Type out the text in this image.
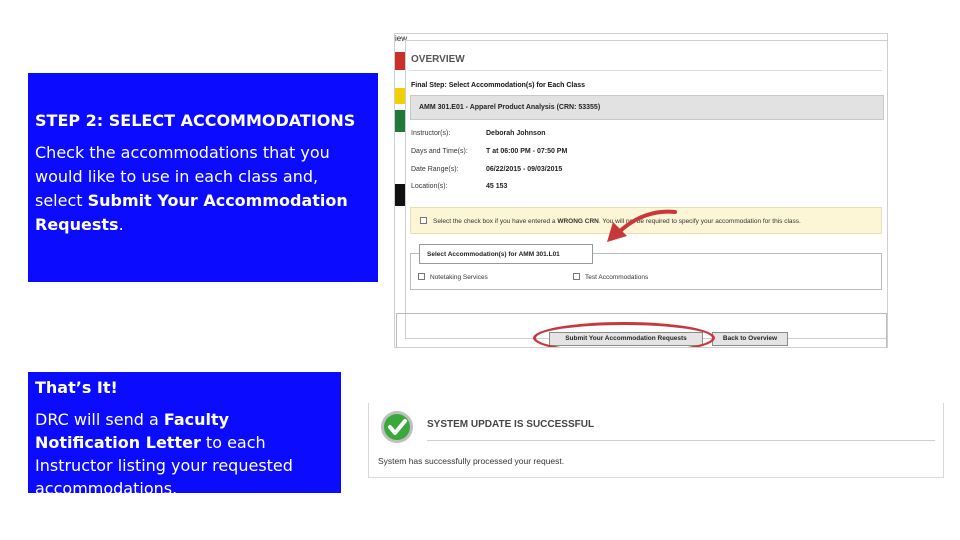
STEP 2: SELECT ACCOMMODATIONS

Check the accommodations that you would like to use in each class and, select Submit Your Accommodation Requests.

That’s It!

DRC will send a Faculty Notification Letter to each Instructor listing your requested accommodations.

iew
OVERVIEW
Final Step: Select Accommodation(s) for Each Class
AMM 301.E01 - Apparel Product Analysis (CRN: 53355)
Instructor(s):	Deborah Johnson
Days and Time(s):	T at 06:00 PM - 07:50 PM
Date Range(s):	06/22/2015 - 09/03/2015
Location(s):	45 153
Select the check box if you have entered a WRONG CRN. You will not be required to specify your accommodation for this class.
Notetaking Services	Test Accommodations
Select Accommodation(s) for AMM 301.L01
Submit Your Accommodation Requests	Back to Overview
SYSTEM UPDATE IS SUCCESSFUL
System has successfully processed your request.
